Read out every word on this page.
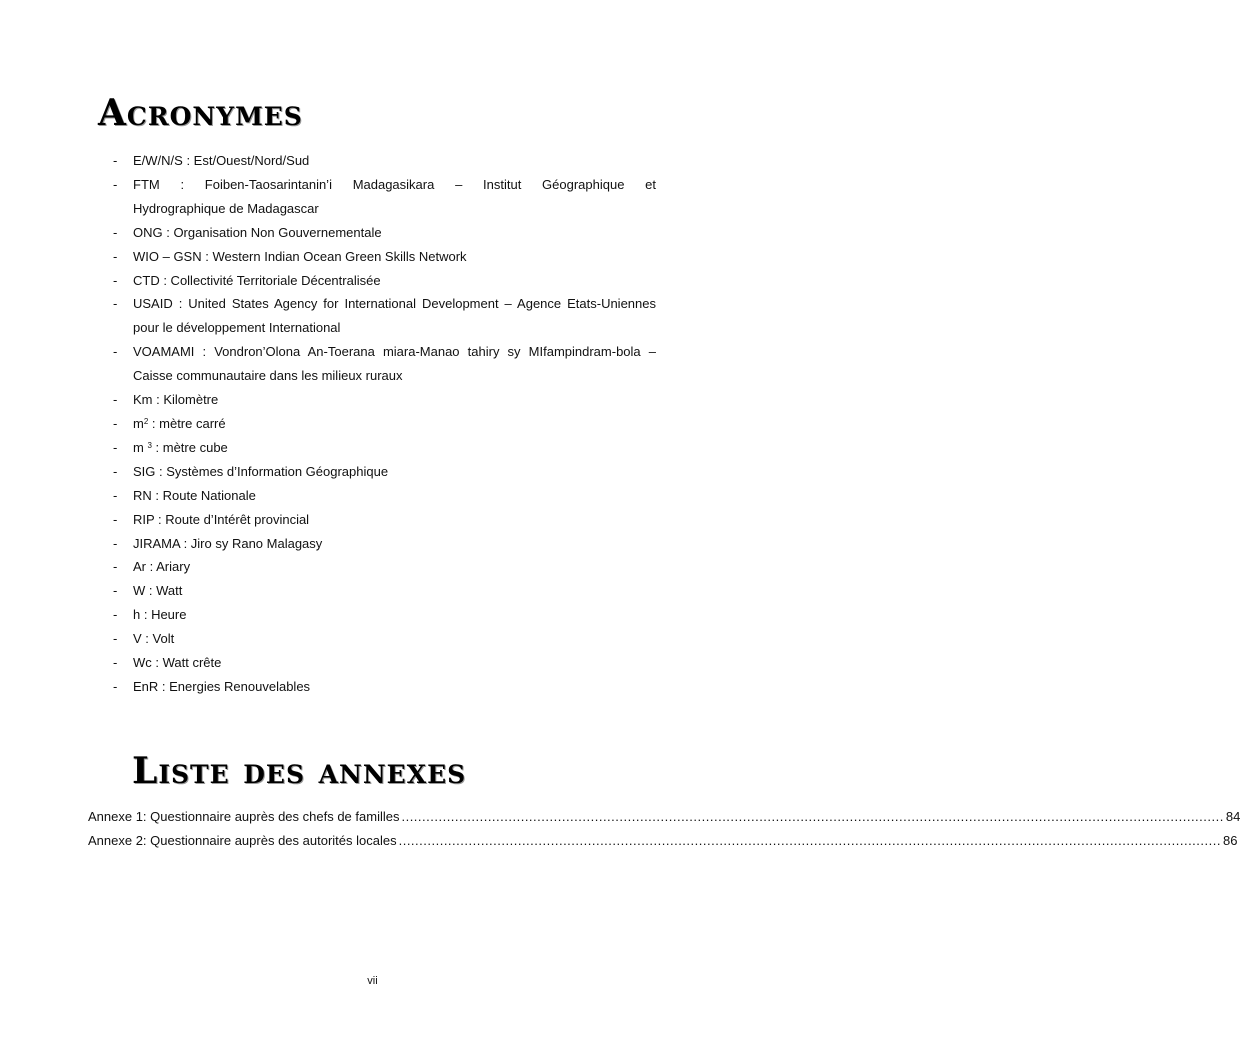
Acronymes
- E/W/N/S : Est/Ouest/Nord/Sud
- FTM : Foiben-Taosarintanin’i Madagasikara – Institut Géographique et
Hydrographique de Madagascar
- ONG : Organisation Non Gouvernementale
- WIO – GSN : Western Indian Ocean Green Skills Network
- CTD : Collectivité Territoriale Décentralisée
- USAID : United States Agency for International Development – Agence Etats-Uniennes pour le développement International
- VOAMAMI : Vondron’Olona An-Toerana miara-Manao tahiry sy MIfampindram-bola – Caisse communautaire dans les milieux ruraux
- Km : Kilomètre
- $m^2$ : mètre carré
- m $^3$ : mètre cube
- SIG : Systèmes d’Information Géographique
- RN : Route Nationale
- RIP : Route d’Intérêt provincial
- JIRAMA : Jiro sy Rano Malagasy
- Ar : Ariary
- W : Watt
- h : Heure
- V : Volt
- Wc : Watt crête
- EnR : Energies Renouvelables
Liste des annexes
Annexe 1: Questionnaire auprès des chefs de familles ........................................................................................................................................................................................................ 84
Annexe 2: Questionnaire auprès des autorités locales ........................................................................................................................................................................................................ 86
vii
